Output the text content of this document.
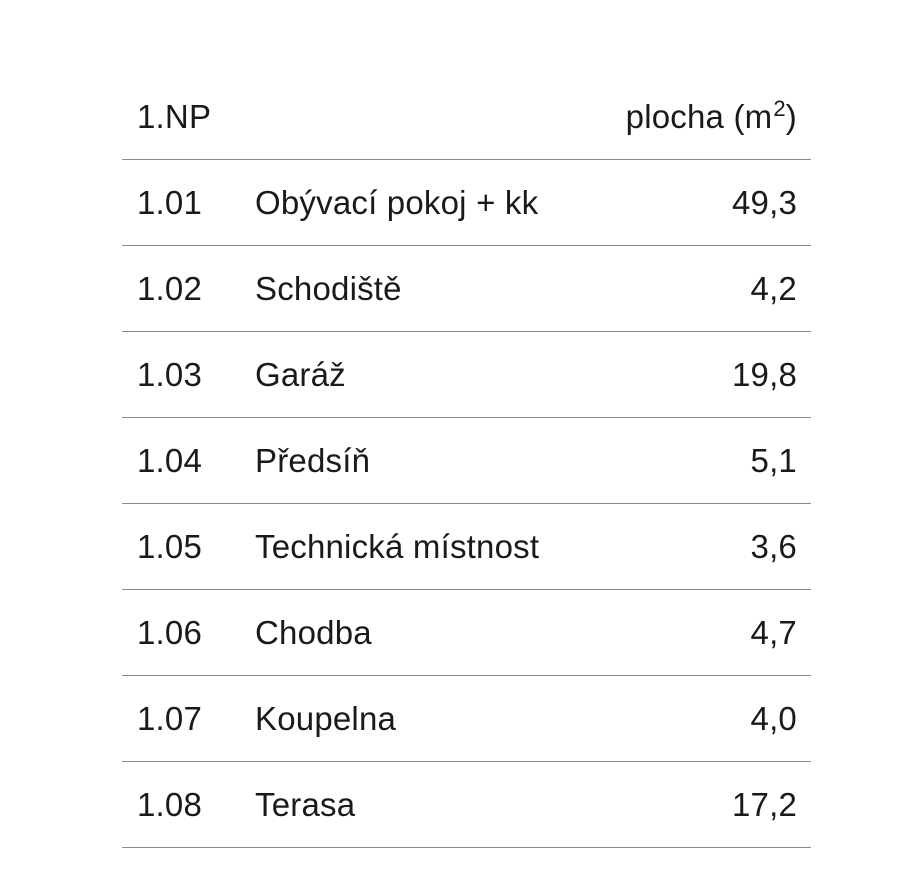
1.NP	plocha $(m^2)$
1.01 Obývací pokoj + kk	49,3
1.02 Schodiště	4,2
1.03 Garáž	19,8
1.04 Předsíň	5,1
1.05 Technická místnost	3,6
1.06 Chodba	4,7
1.07 Koupelna	4,0
1.08 Terasa	17,2
